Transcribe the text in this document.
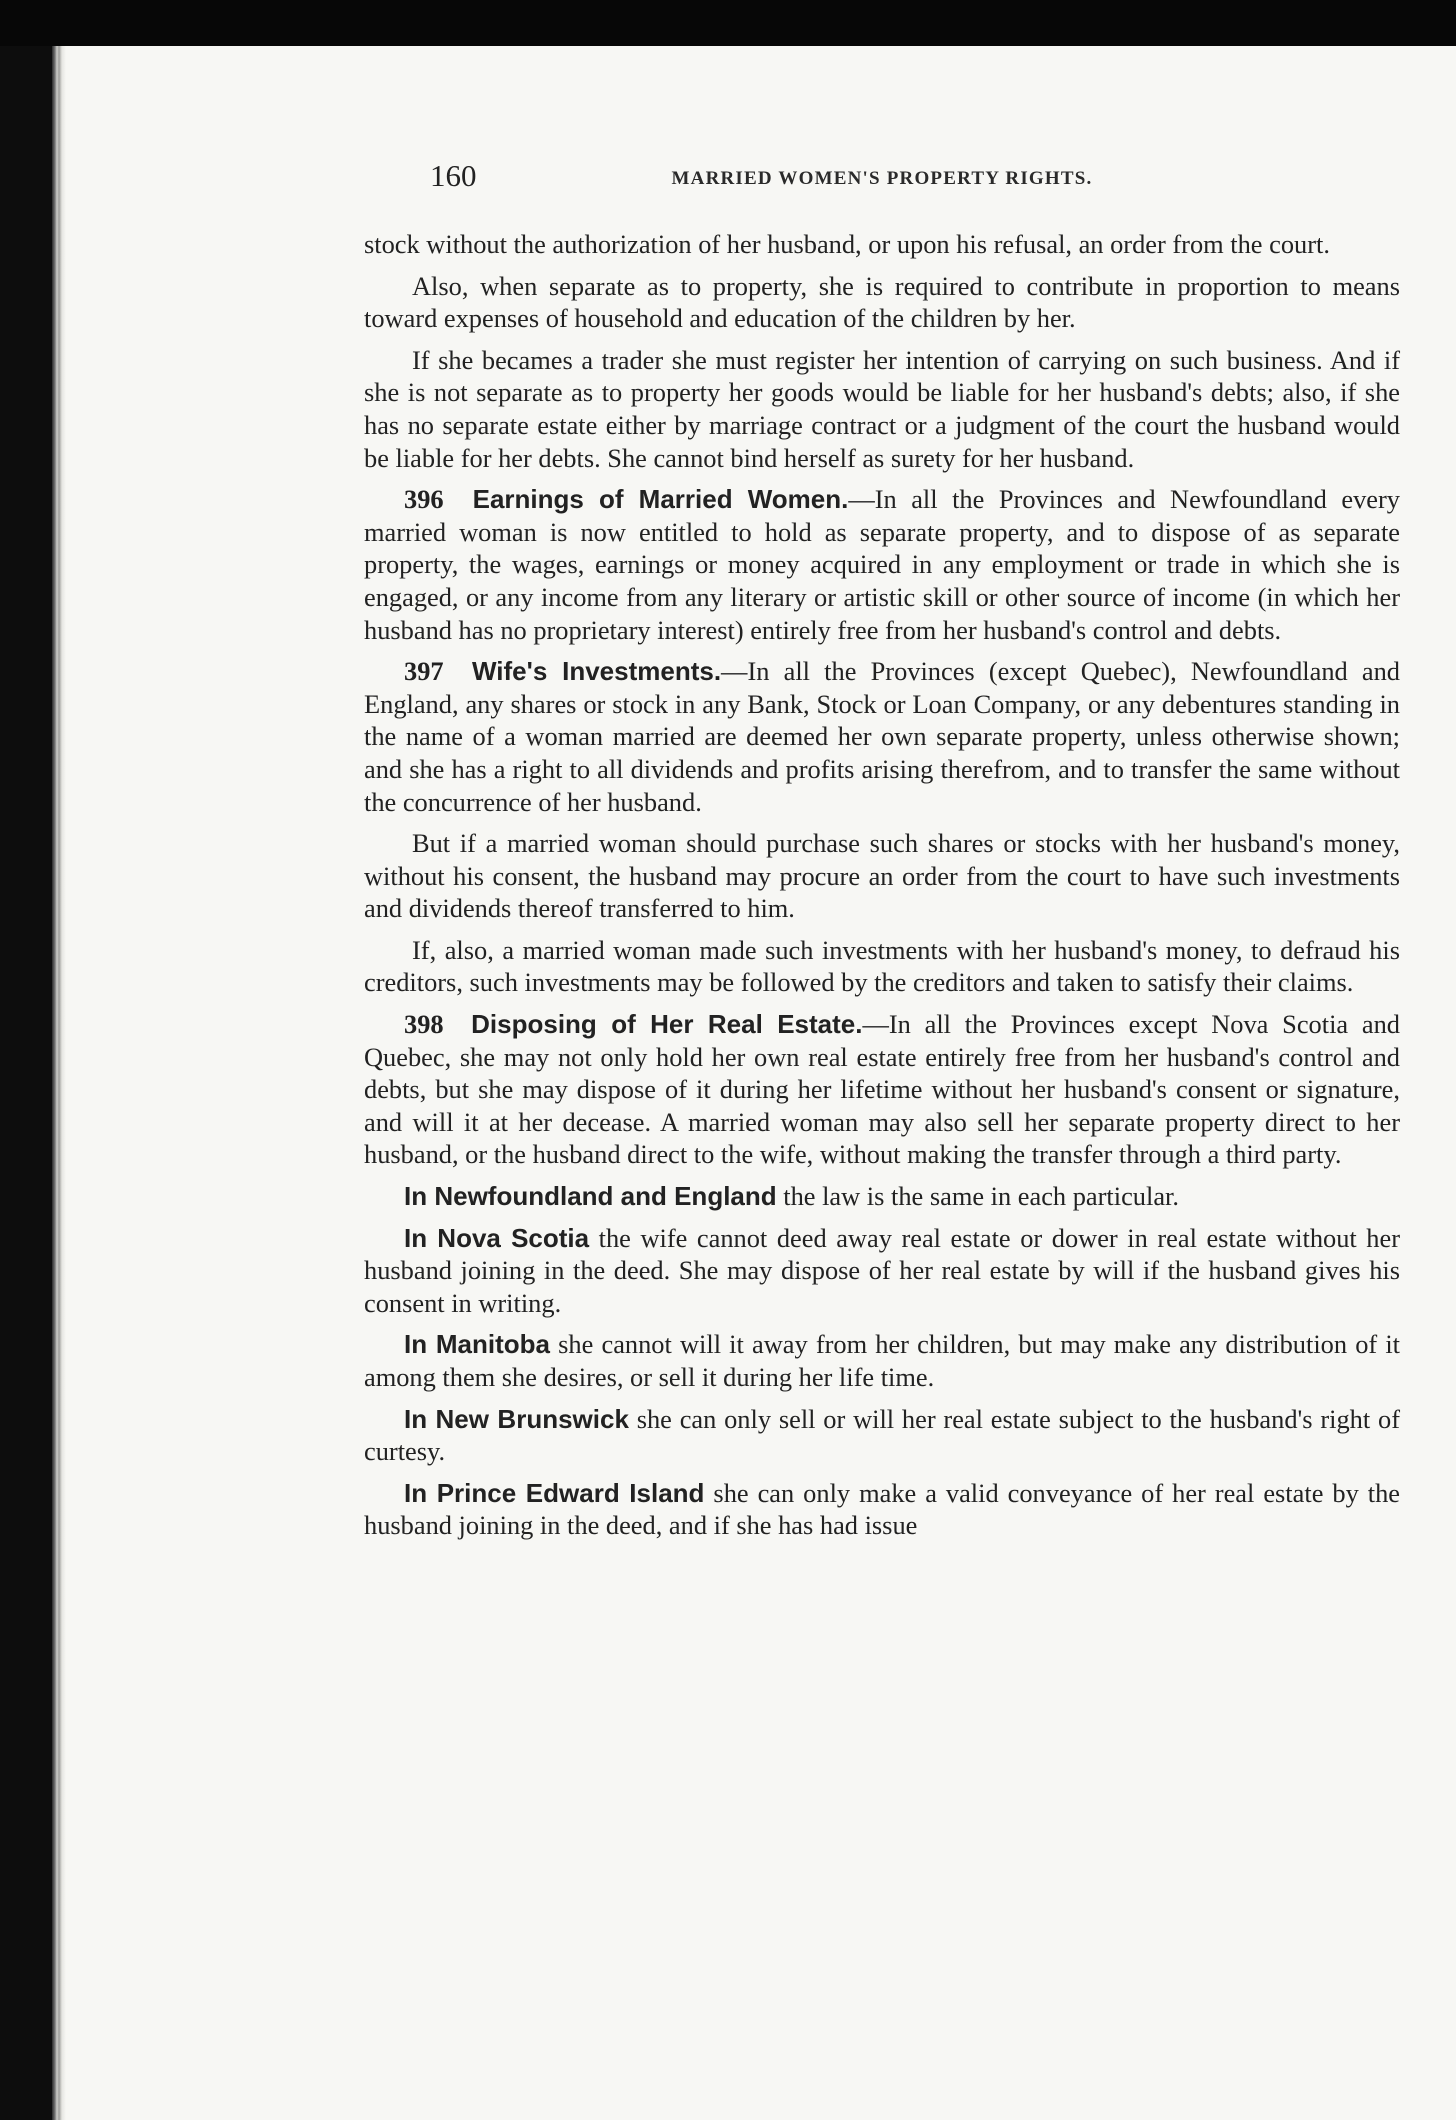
160	MARRIED WOMEN'S PROPERTY RIGHTS.

stock without the authorization of her husband, or upon his refusal, an order from the court.

Also, when separate as to property, she is required to contribute in proportion to means toward expenses of household and education of the children by her.

If she becames a trader she must register her intention of carrying on such business. And if she is not separate as to property her goods would be liable for her husband's debts; also, if she has no separate estate either by marriage contract or a judgment of the court the husband would be liable for her debts. She cannot bind herself as surety for her husband.

396 Earnings of Married Women.—In all the Provinces and Newfoundland every married woman is now entitled to hold as separate property, and to dispose of as separate property, the wages, earnings or money acquired in any employment or trade in which she is engaged, or any income from any literary or artistic skill or other source of income (in which her husband has no proprietary interest) entirely free from her husband's control and debts.

397 Wife's Investments.—In all the Provinces (except Quebec), Newfoundland and England, any shares or stock in any Bank, Stock or Loan Company, or any debentures standing in the name of a woman married are deemed her own separate property, unless otherwise shown; and she has a right to all dividends and profits arising therefrom, and to transfer the same without the concurrence of her husband.

But if a married woman should purchase such shares or stocks with her husband's money, without his consent, the husband may procure an order from the court to have such investments and dividends thereof transferred to him.

If, also, a married woman made such investments with her husband's money, to defraud his creditors, such investments may be followed by the creditors and taken to satisfy their claims.

398 Disposing of Her Real Estate.—In all the Provinces except Nova Scotia and Quebec, she may not only hold her own real estate entirely free from her husband's control and debts, but she may dispose of it during her lifetime without her husband's consent or signature, and will it at her decease. A married woman may also sell her separate property direct to her husband, or the husband direct to the wife, without making the transfer through a third party.

In Newfoundland and England the law is the same in each particular.

In Nova Scotia the wife cannot deed away real estate or dower in real estate without her husband joining in the deed. She may dispose of her real estate by will if the husband gives his consent in writing.

In Manitoba she cannot will it away from her children, but may make any distribution of it among them she desires, or sell it during her life time.

In New Brunswick she can only sell or will her real estate subject to the husband's right of curtesy.

In Prince Edward Island she can only make a valid conveyance of her real estate by the husband joining in the deed, and if she has had issue
